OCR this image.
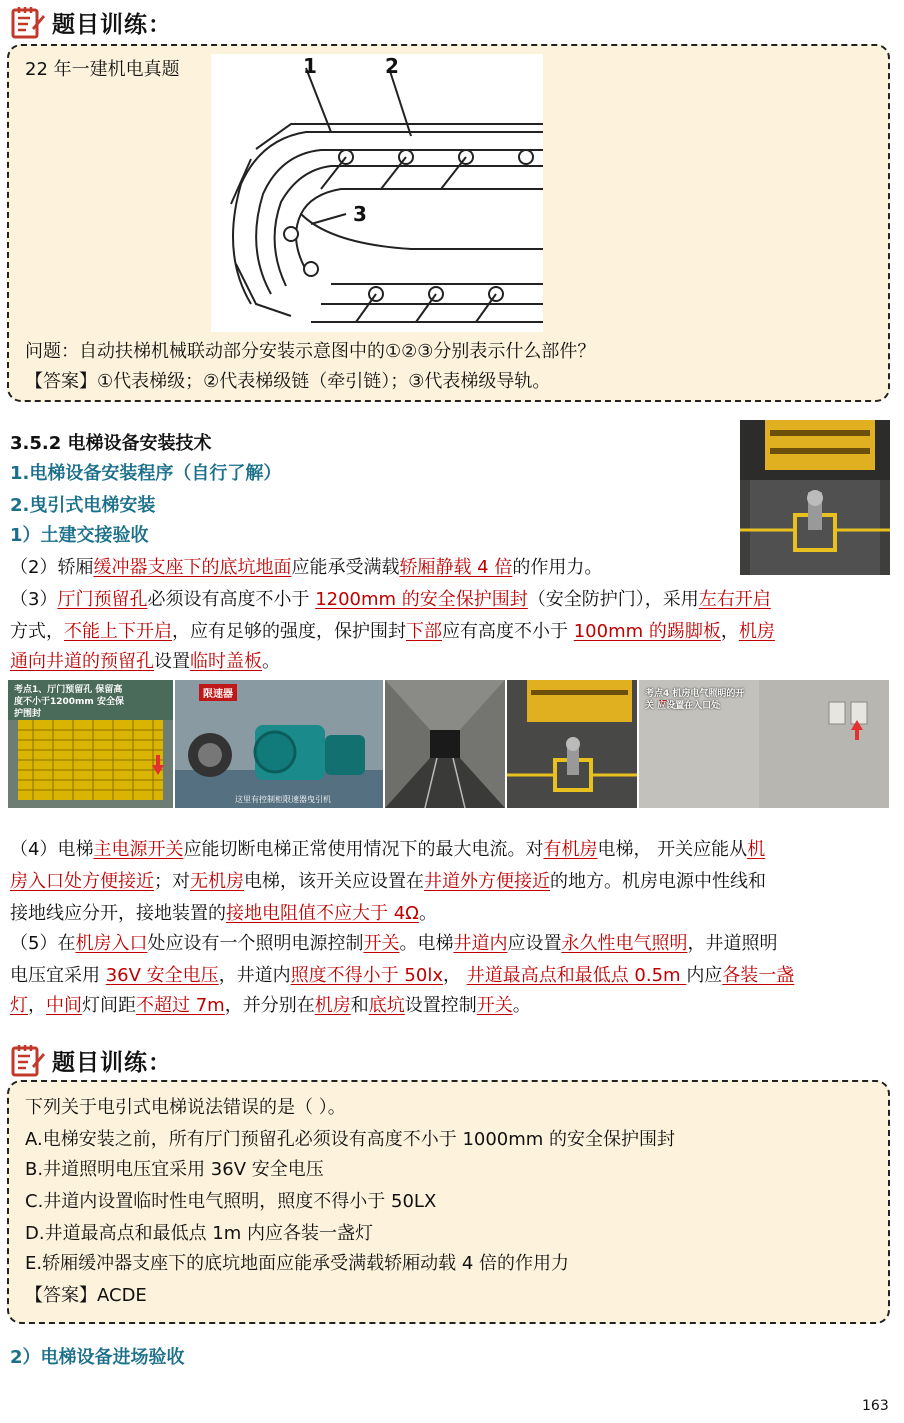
题目训练：
22 年一建机电真题	1	2
3
问题：自动扶梯机械联动部分安装示意图中的①②③分别表示什么部件？
【答案】①代表梯级；②代表梯级链（牵引链）；③代表梯级导轨。
3.5.2 电梯设备安装技术
1.电梯设备安装程序（自行了解）
2.曳引式电梯安装
1）土建交接验收
（2）轿厢缓冲器支座下的底坑地面应能承受满载轿厢静载 4 倍的作用力。
（3）厅门预留孔必须设有高度不小于 1200mm 的安全保护围封（安全防护门），采用左右开启
方式，不能上下开启，应有足够的强度，保护围封下部应有高度不小于 100mm 的踢脚板，机房
通向井道的预留孔设置临时盖板。
考点1、厅门预留孔 保留高度不小于1200mm 安全保护围封
限速器
这里有控制柜限速器曳引机
考点4 机房电气照明的开关 应设置在入口处
（4）电梯主电源开关应能切断电梯正常使用情况下的最大电流。对有机房电梯， 开关应能从机
房入口处方便接近；对无机房电梯，该开关应设置在井道外方便接近的地方。机房电源中性线和
接地线应分开，接地装置的接地电阻值不应大于 4Ω。
（5）在机房入口处应设有一个照明电源控制开关。电梯井道内应设置永久性电气照明，井道照明
电压宜采用 36V 安全电压，井道内照度不得小于 50lx， 井道最高点和最低点 0.5m 内应各装一盏
灯，中间灯间距不超过 7m，并分别在机房和底坑设置控制开关。
题目训练：
下列关于电引式电梯说法错误的是（ ）。
A.电梯安装之前，所有厅门预留孔必须设有高度不小于 1000mm 的安全保护围封
B.井道照明电压宜采用 36V 安全电压
C.井道内设置临时性电气照明，照度不得小于 50LX
D.井道最高点和最低点 1m 内应各装一盏灯
E.轿厢缓冲器支座下的底坑地面应能承受满载轿厢动载 4 倍的作用力
【答案】ACDE
2）电梯设备进场验收
163
